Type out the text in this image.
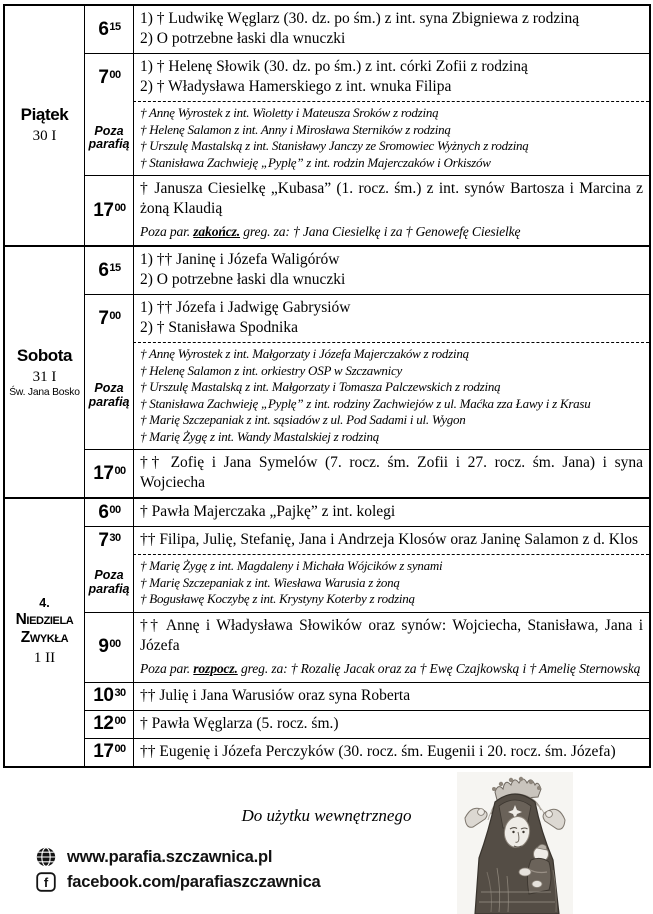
Piątek
30 I
$6^{15}$ 1) † Ludwikę Węglarz (30. dz. po śm.) z int. syna Zbigniewa z rodziną
2) O potrzebne łaski dla wnuczki
$7^{00}$ 1) † Helenę Słowik (30. dz. po śm.) z int. córki Zofii z rodziną
2) † Władysława Hamerskiego z int. wnuka Filipa
Poza parafią
† Annę Wyrostek z int. Wioletty i Mateusza Sroków z rodziną
† Helenę Salamon z int. Anny i Mirosława Sterników z rodziną
† Urszulę Mastalską z int. Stanisławy Janczy ze Sromowiec Wyżnych z rodziną
† Stanisława Zachwieję „Pyplę” z int. rodzin Majerczaków i Orkiszów
$17^{00}$
† Janusza Ciesielkę „Kubasa” (1. rocz. śm.) z int. synów Bartosza i Marcina z żoną Klaudią
Poza par. zakończ. greg. za: † Jana Ciesielkę i za † Genowefę Ciesielkę
Sobota
31 I
Św. Jana Bosko
$6^{15}$ 1) †† Janinę i Józefa Waligórów
2) O potrzebne łaski dla wnuczki
$7^{00}$ 1) †† Józefa i Jadwigę Gabrysiów
2) † Stanisława Spodnika
Poza parafią
† Annę Wyrostek z int. Małgorzaty i Józefa Majerczaków z rodziną
† Helenę Salamon z int. orkiestry OSP w Szczawnicy
† Urszulę Mastalską z int. Małgorzaty i Tomasza Palczewskich z rodziną
† Stanisława Zachwieję „Pyplę” z int. rodziny Zachwiejów z ul. Maćka zza Ławy i z Krasu
† Marię Szczepaniak z int. sąsiadów z ul. Pod Sadami i ul. Wygon
† Marię Żygę z int. Wandy Mastalskiej z rodziną
$17^{00}$ †† Zofię i Jana Symelów (7. rocz. śm. Zofii i 27. rocz. śm. Jana) i syna Wojciecha
4.
Niedziela
Zwykła
1 II
$6^{00}$ † Pawła Majerczaka „Pajkę” z int. kolegi
$7^{30}$ †† Filipa, Julię, Stefanię, Jana i Andrzeja Klosów oraz Janinę Salamon z d. Klos
Poza parafią
† Marię Żygę z int. Magdaleny i Michała Wójcików z synami
† Marię Szczepaniak z int. Wiesława Warusia z żoną
† Bogusławę Koczybę z int. Krystyny Koterby z rodziną
$9^{00}$
†† Annę i Władysława Słowików oraz synów: Wojciecha, Stanisława, Jana i Józefa
Poza par. rozpocz. greg. za: † Rozalię Jacak oraz za † Ewę Czajkowską i † Amelię Sternowską
$10^{30}$ †† Julię i Jana Warusiów oraz syna Roberta
$12^{00}$ † Pawła Węglarza (5. rocz. śm.)
$17^{00}$ †† Eugenię i Józefa Perczyków (30. rocz. śm. Eugenii i 20. rocz. śm. Józefa)
Do użytku wewnętrznego
www.parafia.szczawnica.pl
f facebook.com/parafiaszczawnica
